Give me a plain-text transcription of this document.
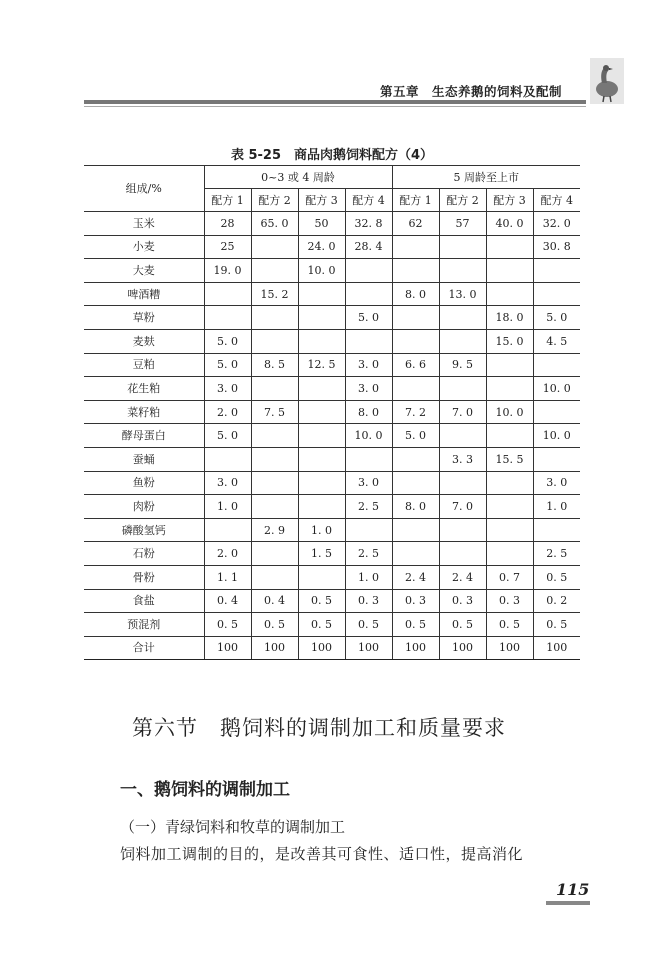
第五章　生态养鹅的饲料及配制
表 5-25　商品肉鹅饲料配方（4）
组成/%	0~3 或 4 周龄				5 周龄至上市			
	配方 1	配方 2	配方 3	配方 4	配方 1	配方 2	配方 3	配方 4
玉米	28	65. 0	50	32. 8	62	57	40. 0	32. 0
小麦	25		24. 0	28. 4				30. 8
大麦	19. 0		10. 0					
啤酒糟		15. 2			8. 0	13. 0		
草粉				5. 0			18. 0	5. 0
麦麸	5. 0						15. 0	4. 5
豆粕	5. 0	8. 5	12. 5	3. 0	6. 6	9. 5		
花生粕	3. 0			3. 0				10. 0
菜籽粕	2. 0	7. 5		8. 0	7. 2	7. 0	10. 0	
酵母蛋白	5. 0			10. 0	5. 0			10. 0
蚕蛹						3. 3	15. 5	
鱼粉	3. 0			3. 0				3. 0
肉粉	1. 0			2. 5	8. 0	7. 0		1. 0
磷酸氢钙		2. 9	1. 0					
石粉	2. 0		1. 5	2. 5				2. 5
骨粉	1. 1			1. 0	2. 4	2. 4	0. 7	0. 5
食盐	0. 4	0. 4	0. 5	0. 3	0. 3	0. 3	0. 3	0. 2
预混剂	0. 5	0. 5	0. 5	0. 5	0. 5	0. 5	0. 5	0. 5
合计	100	100	100	100	100	100	100	100
第六节　鹅饲料的调制加工和质量要求
一、鹅饲料的调制加工
（一）青绿饲料和牧草的调制加工
饲料加工调制的目的，是改善其可食性、适口性，提高消化
115
